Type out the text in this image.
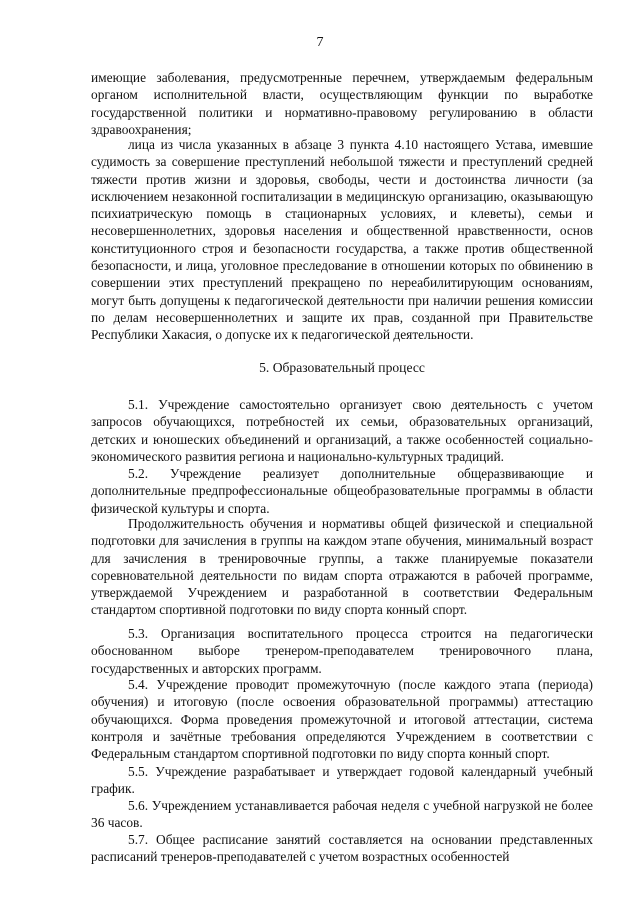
7

имеющие заболевания, предусмотренные перечнем, утверждаемым федеральным органом исполнительной власти, осуществляющим функции по выработке государственной политики и нормативно-правовому регулированию в области здравоохранения;

лица из числа указанных в абзаце 3 пункта 4.10 настоящего Устава, имевшие судимость за совершение преступлений небольшой тяжести и преступлений средней тяжести против жизни и здоровья, свободы, чести и достоинства личности (за исключением незаконной госпитализации в медицинскую организацию, оказывающую психиатрическую помощь в стационарных условиях, и клеветы), семьи и несовершеннолетних, здоровья населения и общественной нравственности, основ конституционного строя и безопасности государства, а также против общественной безопасности, и лица, уголовное преследование в отношении которых по обвинению в совершении этих преступлений прекращено по нереабилитирующим основаниям, могут быть допущены к педагогической деятельности при наличии решения комиссии по делам несовершеннолетних и защите их прав, созданной при Правительстве Республики Хакасия, о допуске их к педагогической деятельности.

5. Образовательный процесс

5.1. Учреждение самостоятельно организует свою деятельность с учетом запросов обучающихся, потребностей их семьи, образовательных организаций, детских и юношеских объединений и организаций, а также особенностей социально-экономического развития региона и национально-культурных традиций.

5.2. Учреждение реализует дополнительные общеразвивающие и дополнительные предпрофессиональные общеобразовательные программы в области физической культуры и спорта.

Продолжительность обучения и нормативы общей физической и специальной подготовки для зачисления в группы на каждом этапе обучения, минимальный возраст для зачисления в тренировочные группы, а также планируемые показатели соревновательной деятельности по видам спорта отражаются в рабочей программе, утверждаемой Учреждением и разработанной в соответствии Федеральным стандартом спортивной подготовки по виду спорта конный спорт.

5.3. Организация воспитательного процесса строится на педагогически обоснованном выборе тренером-преподавателем тренировочного плана, государственных и авторских программ.

5.4. Учреждение проводит промежуточную (после каждого этапа (периода) обучения) и итоговую (после освоения образовательной программы) аттестацию обучающихся. Форма проведения промежуточной и итоговой аттестации, система контроля и зачётные требования определяются Учреждением в соответствии с Федеральным стандартом спортивной подготовки по виду спорта конный спорт.

5.5. Учреждение разрабатывает и утверждает годовой календарный учебный график.

5.6. Учреждением устанавливается рабочая неделя с учебной нагрузкой не более 36 часов.

5.7. Общее расписание занятий составляется на основании представленных расписаний тренеров-преподавателей с учетом возрастных особенностей
